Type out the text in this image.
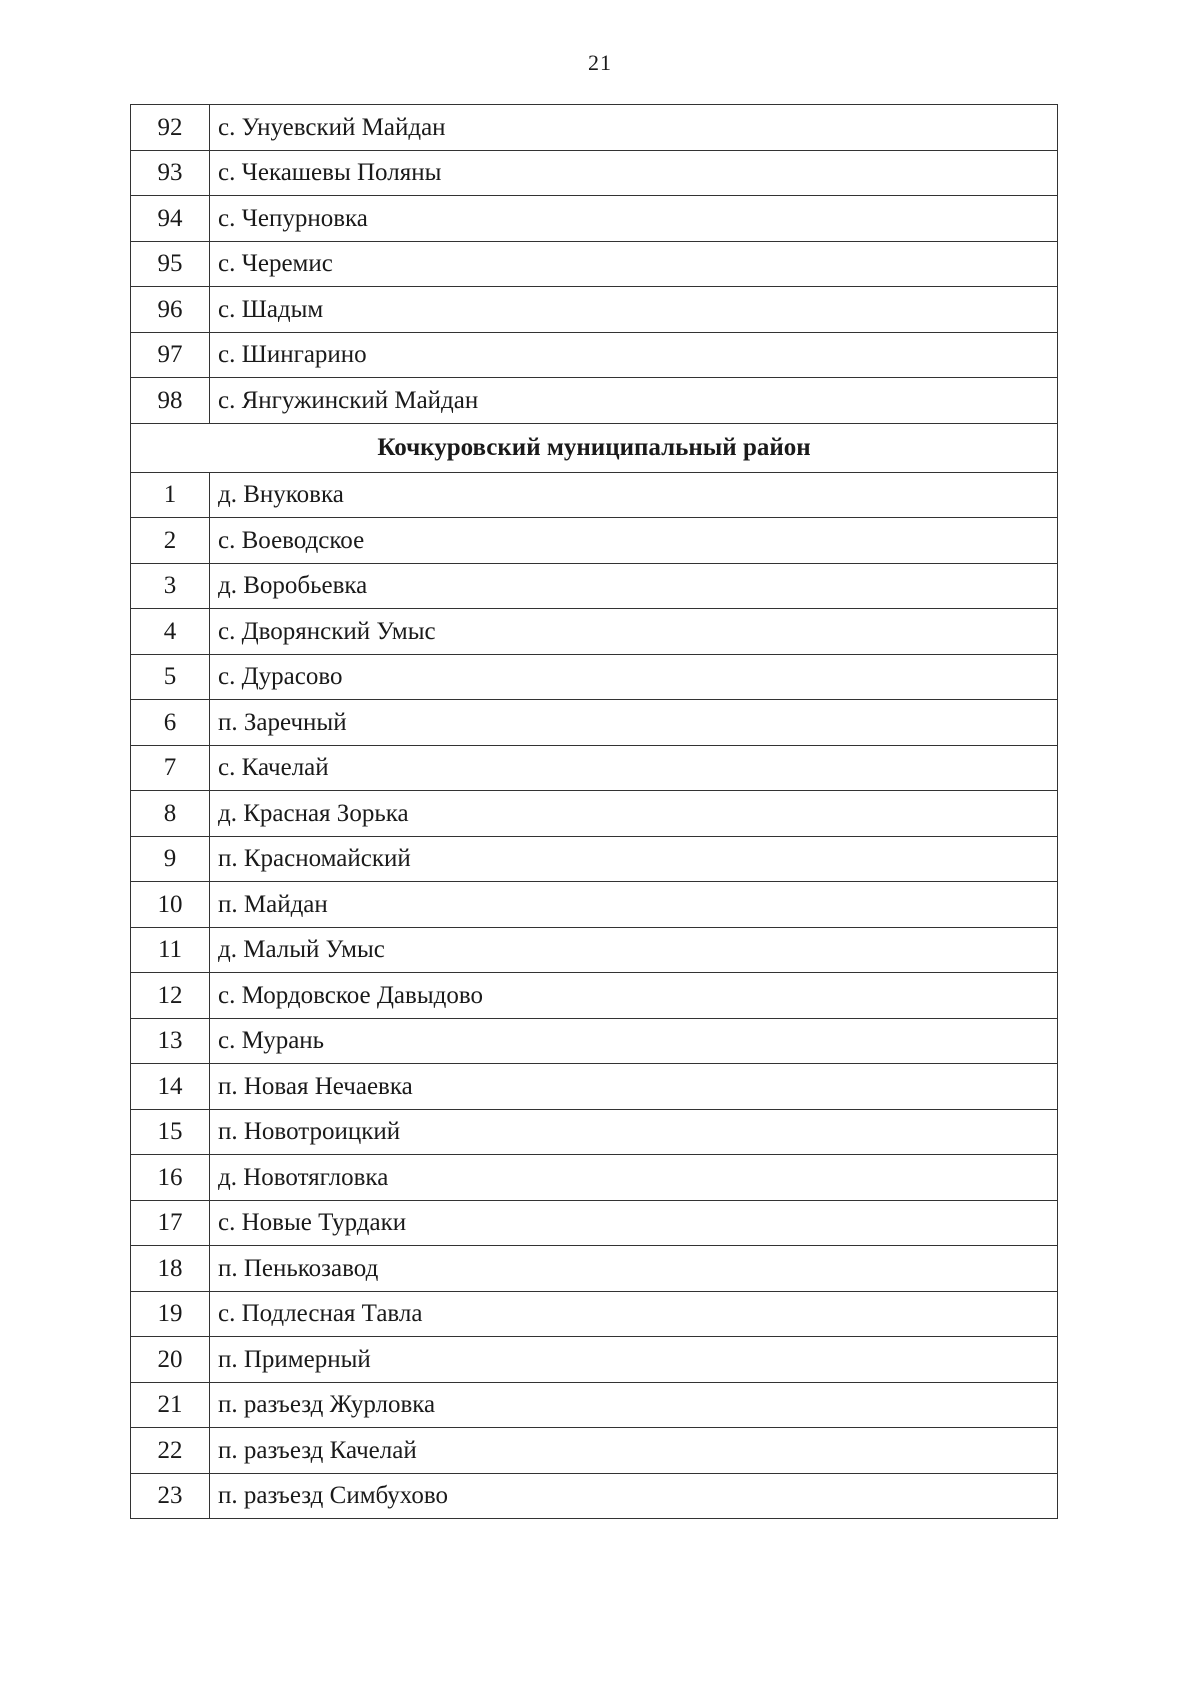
21
92	с. Унуевский Майдан
93	с. Чекашевы Поляны
94	с. Чепурновка
95	с. Черемис
96	с. Шадым
97	с. Шингарино
98	с. Янгужинский Майдан
Кочкуровский муниципальный район	
1	д. Внуковка
2	с. Воеводское
3	д. Воробьевка
4	с. Дворянский Умыс
5	с. Дурасово
6	п. Заречный
7	с. Качелай
8	д. Красная Зорька
9	п. Красномайский
10	п. Майдан
11	д. Малый Умыс
12	с. Мордовское Давыдово
13	с. Мурань
14	п. Новая Нечаевка
15	п. Новотроицкий
16	д. Новотягловка
17	с. Новые Турдаки
18	п. Пенькозавод
19	с. Подлесная Тавла
20	п. Примерный
21	п. разъезд Журловка
22	п. разъезд Качелай
23	п. разъезд Симбухово
